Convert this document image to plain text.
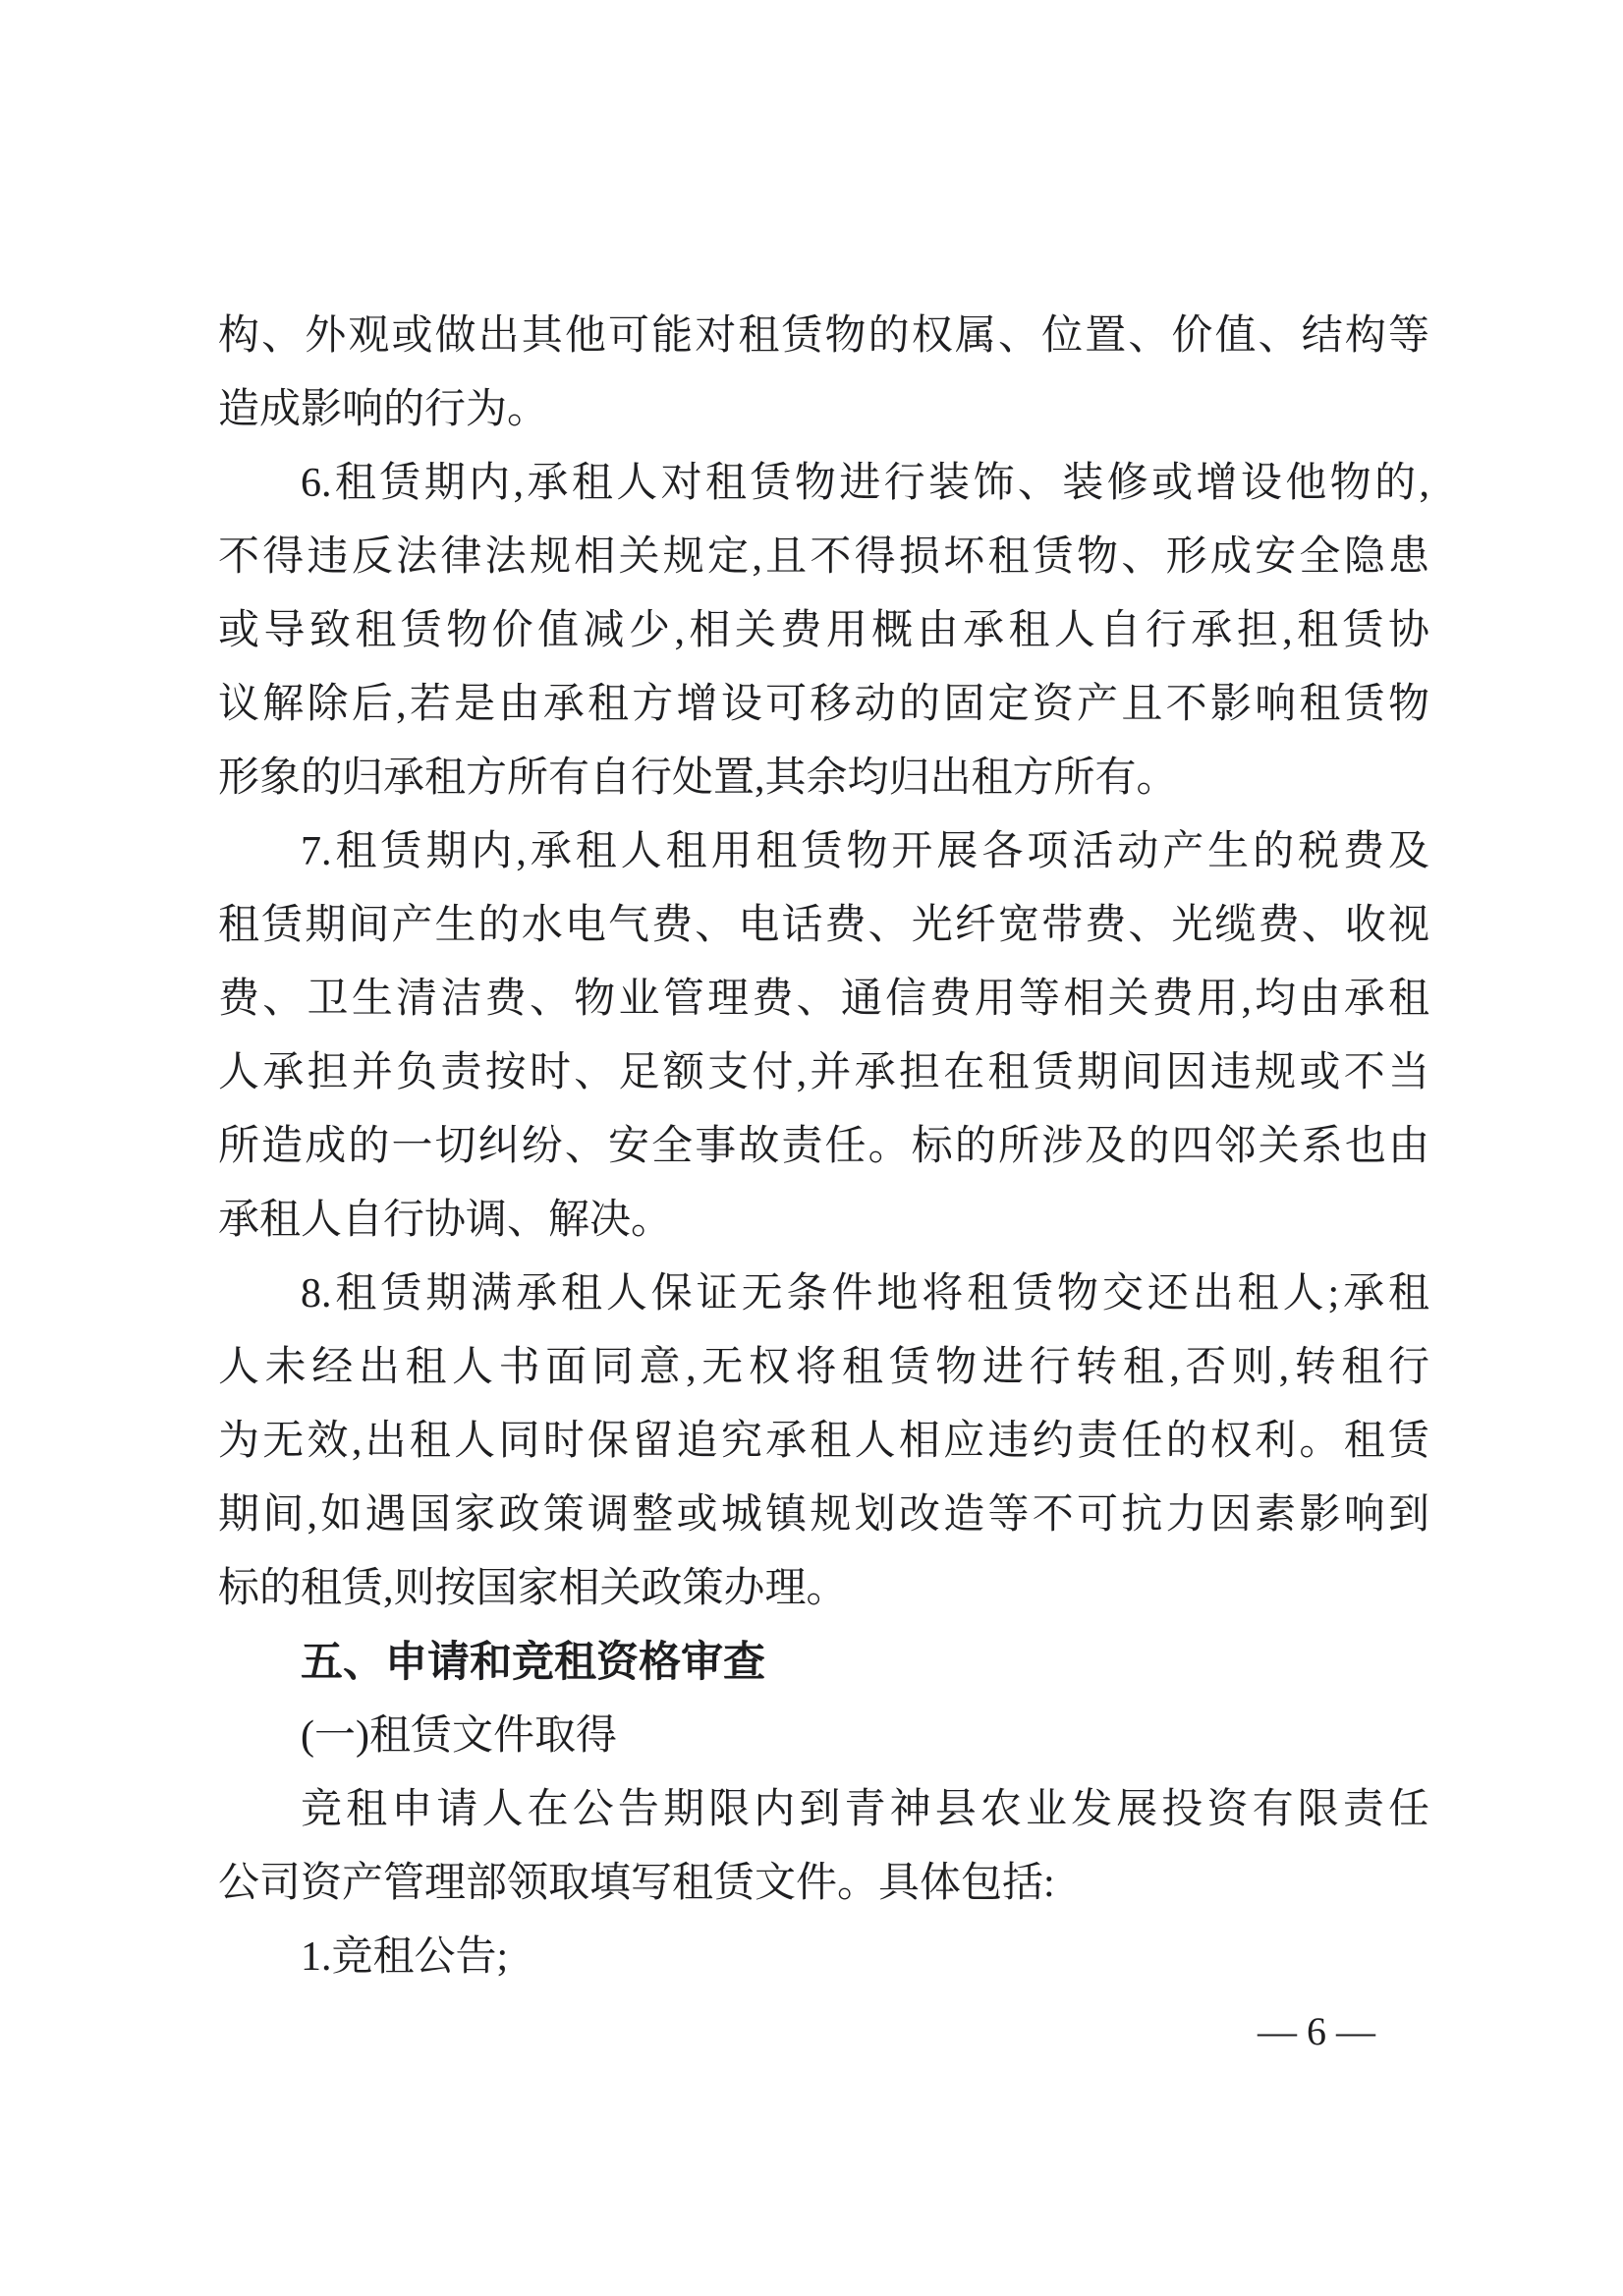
构、外观或做出其他可能对租赁物的权属、位置、价值、结构等
造成影响的行为。
6.租赁期内,承租人对租赁物进行装饰、装修或增设他物的,
不得违反法律法规相关规定,且不得损坏租赁物、形成安全隐患
或导致租赁物价值减少,相关费用概由承租人自行承担,租赁协
议解除后,若是由承租方增设可移动的固定资产且不影响租赁物
形象的归承租方所有自行处置,其余均归出租方所有。
7.租赁期内,承租人租用租赁物开展各项活动产生的税费及
租赁期间产生的水电气费、电话费、光纤宽带费、光缆费、收视
费、卫生清洁费、物业管理费、通信费用等相关费用,均由承租
人承担并负责按时、足额支付,并承担在租赁期间因违规或不当
所造成的一切纠纷、安全事故责任。标的所涉及的四邻关系也由
承租人自行协调、解决。
8.租赁期满承租人保证无条件地将租赁物交还出租人;承租
人未经出租人书面同意,无权将租赁物进行转租,否则,转租行
为无效,出租人同时保留追究承租人相应违约责任的权利。租赁
期间,如遇国家政策调整或城镇规划改造等不可抗力因素影响到
标的租赁,则按国家相关政策办理。
五、申请和竞租资格审查
(一)租赁文件取得
竞租申请人在公告期限内到青神县农业发展投资有限责任
公司资产管理部领取填写租赁文件。具体包括:
1.竞租公告;
— 6 —
